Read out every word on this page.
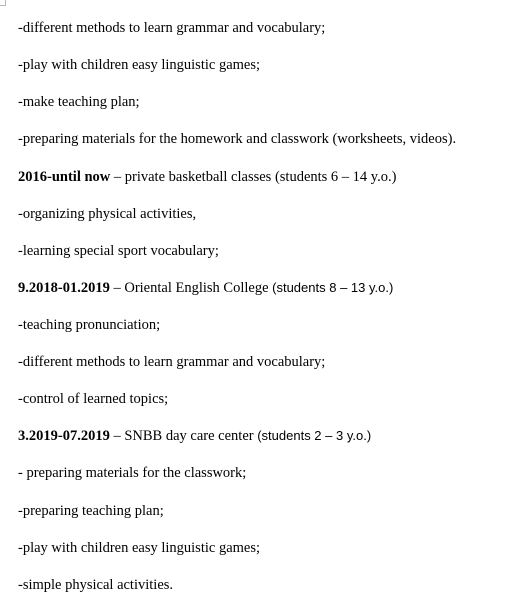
-different methods to learn grammar and vocabulary;
-play with children easy linguistic games;
-make teaching plan;
-preparing materials for the homework and classwork (worksheets, videos).
2016-until now – private basketball classes (students 6 – 14 y.o.)
-organizing physical activities,
-learning special sport vocabulary;
9.2018-01.2019 – Oriental English College (students 8 – 13 y.o.)
-teaching pronunciation;
-different methods to learn grammar and vocabulary;
-control of learned topics;
3.2019-07.2019 – SNBB day care center (students 2 – 3 y.o.)
- preparing materials for the classwork;
-preparing teaching plan;
-play with children easy linguistic games;
-simple physical activities.
